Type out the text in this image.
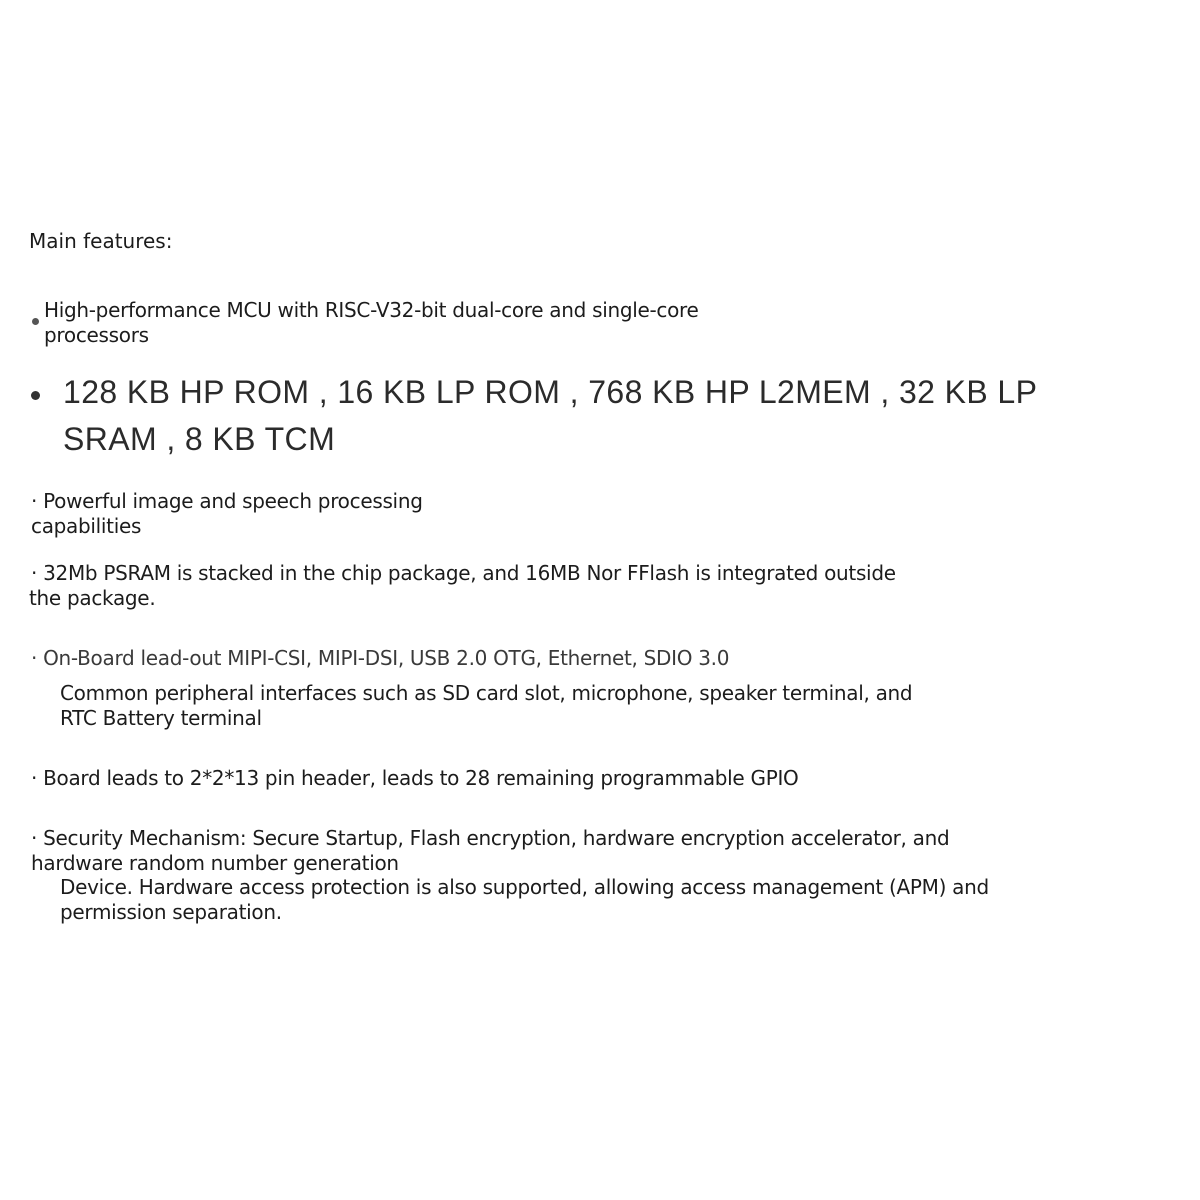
Main features:
High-performance MCU with RISC-V32-bit dual-core and single-core
processors
128 KB HP ROM , 16 KB LP ROM , 768 KB HP L2MEM , 32 KB LP
SRAM , 8 KB TCM
· Powerful image and speech processing
capabilities
· 32Mb PSRAM is stacked in the chip package, and 16MB Nor FFlash is integrated outside
the package.
· On-Board lead-out MIPI-CSI, MIPI-DSI, USB 2.0 OTG, Ethernet, SDIO 3.0
Common peripheral interfaces such as SD card slot, microphone, speaker terminal, and
RTC Battery terminal
· Board leads to 2*2*13 pin header, leads to 28 remaining programmable GPIO
· Security Mechanism: Secure Startup, Flash encryption, hardware encryption accelerator, and
hardware random number generation
Device. Hardware access protection is also supported, allowing access management (APM) and
permission separation.
